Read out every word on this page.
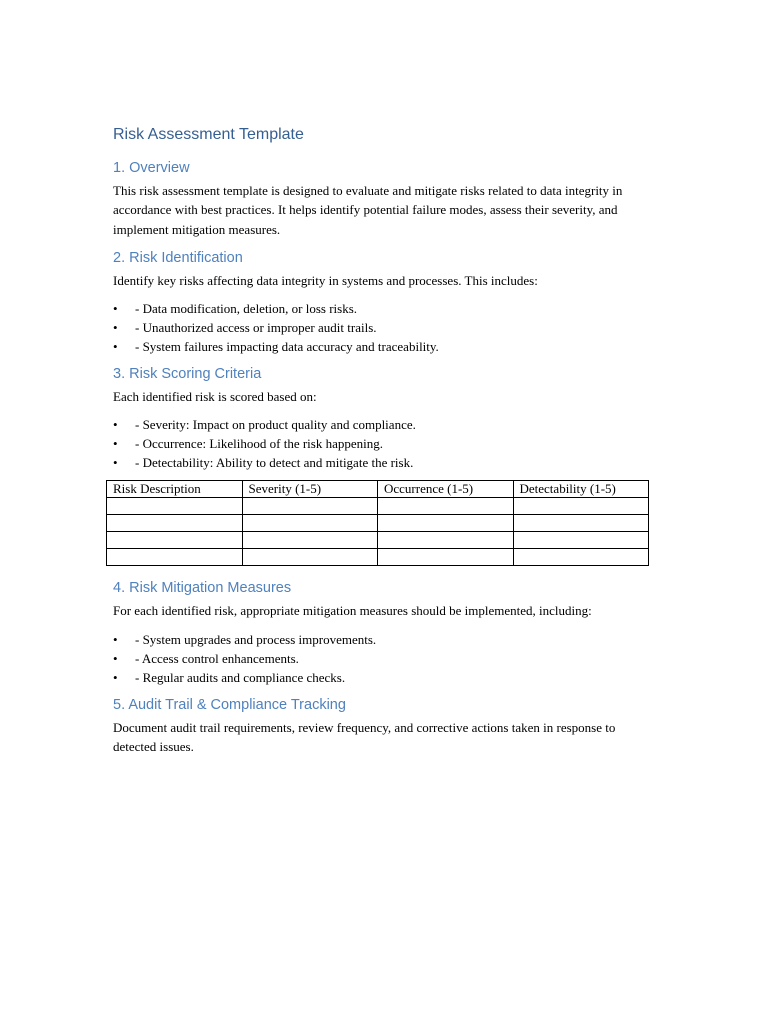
Risk Assessment Template
1. Overview

This risk assessment template is designed to evaluate and mitigate risks related to data integrity in accordance with best practices. It helps identify potential failure modes, assess their severity, and implement mitigation measures.

2. Risk Identification

Identify key risks affecting data integrity in systems and processes. This includes:

• - Data modification, deletion, or loss risks.
• - Unauthorized access or improper audit trails.
• - System failures impacting data accuracy and traceability.
3. Risk Scoring Criteria

Each identified risk is scored based on:

• - Severity: Impact on product quality and compliance.
• - Occurrence: Likelihood of the risk happening.
• - Detectability: Ability to detect and mitigate the risk.
Risk Description	Severity (1-5)	Occurrence (1-5)	Detectability (1-5)

4. Risk Mitigation Measures

For each identified risk, appropriate mitigation measures should be implemented, including:

• - System upgrades and process improvements.
• - Access control enhancements.
• - Regular audits and compliance checks.
5. Audit Trail & Compliance Tracking

Document audit trail requirements, review frequency, and corrective actions taken in response to detected issues.
